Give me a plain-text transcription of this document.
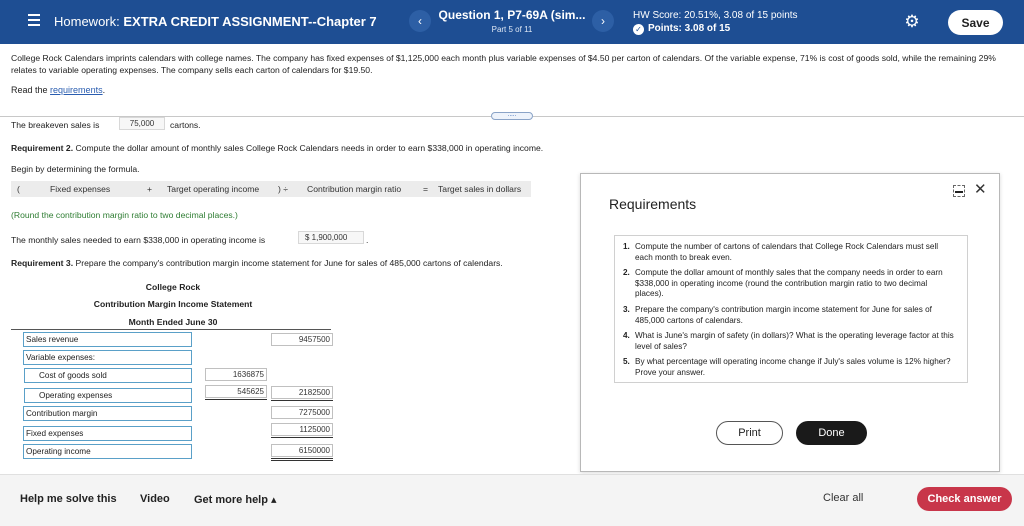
Homework: EXTRA CREDIT ASSIGNMENT--Chapter 7	‹	Question 1, P7-69A (sim...
Part 5 of 11
›	HW Score: 20.51%, 3.08 of 15 points
✓ Points: 3.08 of 15	⚙	Save
College Rock Calendars imprints calendars with college names. The company has fixed expenses of $1,125,000 each month plus variable expenses of $4.50 per carton of calendars. Of the variable expense, 71% is cost of goods sold, while the remaining 29% relates to variable operating expenses. The company sells each carton of calendars for $19.50.
Read the requirements.
.....
The breakeven sales is	75,000	cartons.
Requirement 2. Compute the dollar amount of monthly sales College Rock Calendars needs in order to earn $338,000 in operating income.
Begin by determining the formula.
(	Fixed expenses	+ Target operating income ) ÷ Contribution margin ratio	= Target sales in dollars
(Round the contribution margin ratio to two decimal places.)
The monthly sales needed to earn $338,000 in operating income is	$ 1,900,000	.
Requirement 3. Prepare the company's contribution margin income statement for June for sales of 485,000 cartons of calendars.
College Rock
Contribution Margin Income Statement
Month Ended June 30
Sales revenue	9457500
Variable expenses:
Cost of goods sold	1636875
Operating expenses	545625	2182500
Contribution margin	7275000
Fixed expenses	1125000
Operating income	6150000
Requirements
✕
1. Compute the number of cartons of calendars that College Rock Calendars must sell each month to break even.
2. Compute the dollar amount of monthly sales that the company needs in order to earn $338,000 in operating income (round the contribution margin ratio to two decimal places).
3. Prepare the company's contribution margin income statement for June for sales of 485,000 cartons of calendars.
4. What is June's margin of safety (in dollars)? What is the operating leverage factor at this level of sales?
5. By what percentage will operating income change if July's sales volume is 12% higher? Prove your answer.
Print	Done
Help me solve this Video Get more help ▴	Clear all	Check answer
